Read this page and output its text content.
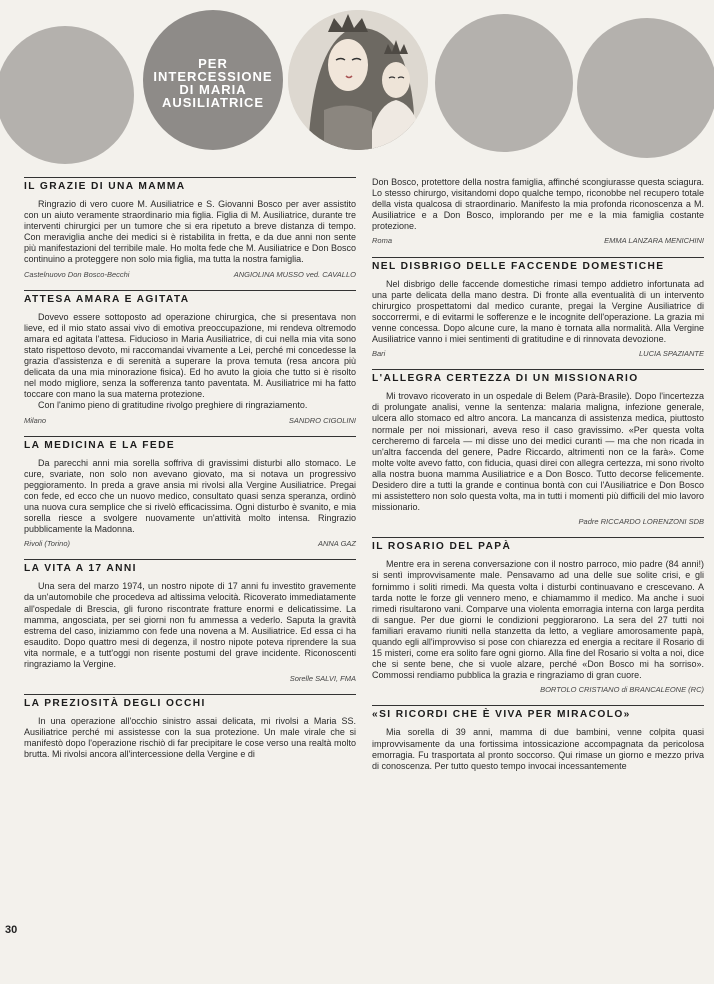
PER
INTERCESSIONE
DI MARIA
AUSILIATRICE
IL GRAZIE DI UNA MAMMA

Ringrazio di vero cuore M. Ausiliatrice e S. Giovanni Bosco per aver assistito con un aiuto veramente straordinario mia figlia. Figlia di M. Ausiliatrice, durante tre interventi chirurgici per un tumore che si era ripetuto a breve distanza di tempo. Con meraviglia anche dei medici si è ristabilita in fretta, e da due anni non sente più manifestazioni del terribile male. Ho molta fede che M. Ausiliatrice e Don Bosco continuino a proteggere non solo mia figlia, ma tutta la nostra famiglia.

Castelnuovo Don Bosco-Becchi	ANGIOLINA MUSSO ved. CAVALLO
ATTESA AMARA E AGITATA

Dovevo essere sottoposto ad operazione chirurgica, che si presentava non lieve, ed il mio stato assai vivo di emotiva preoccupazione, mi rendeva oltremodo amara ed agitata l'attesa. Fiducioso in Maria Ausiliatrice, di cui nella mia vita sono stato rispettoso devoto, mi raccomandai vivamente a Lei, perché mi concedesse la grazia d'assistenza e di serenità a superare la prova temuta (resa ancora più delicata da una mia minorazione fisica). Ed ho avuto la gioia che tutto si è risolto nel modo migliore, senza la sofferenza tanto paventata. M. Ausiliatrice mi ha fatto toccare con mano la sua materna protezione.

Con l'animo pieno di gratitudine rivolgo preghiere di ringraziamento.

Milano	SANDRO CIGOLINI
LA MEDICINA E LA FEDE

Da parecchi anni mia sorella soffriva di gravissimi disturbi allo stomaco. Le cure, svariate, non solo non avevano giovato, ma si notava un progressivo peggioramento. In preda a grave ansia mi rivolsi alla Vergine Ausiliatrice. Pregai con fede, ed ecco che un nuovo medico, consultato quasi senza speranza, ordinò una nuova cura semplice che si rivelò efficacissima. Ogni disturbo è svanito, e mia sorella riesce a svolgere nuovamente un'attività molto intensa. Ringrazio pubblicamente la Madonna.

Rivoli (Torino)	ANNA GAZ
LA VITA A 17 ANNI

Una sera del marzo 1974, un nostro nipote di 17 anni fu investito gravemente da un'automobile che procedeva ad altissima velocità. Ricoverato immediatamente all'ospedale di Brescia, gli furono riscontrate fratture enormi e delicatissime. La mamma, angosciata, per sei giorni non fu ammessa a vederlo. Saputa la gravità estrema del caso, iniziammo con fede una novena a M. Ausiliatrice. Ed essa ci ha esaudito. Dopo quattro mesi di degenza, il nostro nipote poteva riprendere la sua vita normale, e a tutt'oggi non risente postumi del grave incidente. Riconoscenti ringraziamo la Vergine.

Sorelle SALVI, FMA
LA PREZIOSITÀ DEGLI OCCHI

In una operazione all'occhio sinistro assai delicata, mi rivolsi a Maria SS. Ausiliatrice perché mi assistesse con la sua protezione. Un male virale che si manifestò dopo l'operazione rischiò di far precipitare le cose verso una realtà molto brutta. Mi rivolsi ancora all'intercessione della Vergine e di

30

Don Bosco, protettore della nostra famiglia, affinché scongiurasse questa sciagura. Lo stesso chirurgo, visitandomi dopo qualche tempo, riconobbe nel recupero totale della vista qualcosa di straordinario. Manifesto la mia profonda riconoscenza a M. Ausiliatrice e a Don Bosco, implorando per me e la mia famiglia costante protezione.

Roma	EMMA LANZARA MENICHINI
NEL DISBRIGO DELLE FACCENDE DOMESTICHE

Nel disbrigo delle faccende domestiche rimasi tempo addietro infortunata ad una parte delicata della mano destra. Di fronte alla eventualità di un intervento chirurgico prospettatomi dal medico curante, pregai la Vergine Ausiliatrice di soccorrermi, e di evitarmi le sofferenze e le incognite dell'operazione. La grazia mi venne concessa. Dopo alcune cure, la mano è tornata alla normalità. Alla Vergine Ausiliatrice vanno i miei sentimenti di gratitudine e di rinnovata devozione.

Bari	LUCIA SPAZIANTE
L'ALLEGRA CERTEZZA DI UN MISSIONARIO

Mi trovavo ricoverato in un ospedale di Belem (Parà-Brasile). Dopo l'incertezza di prolungate analisi, venne la sentenza: malaria maligna, infezione generale, ulcera allo stomaco ed altro ancora. La mancanza di assistenza medica, piuttosto normale per noi missionari, aveva reso il caso gravissimo. «Per questa volta cercheremo di farcela — mi disse uno dei medici curanti — ma che non ricada in un'altra faccenda del genere, Padre Riccardo, altrimenti non ce la farà». Come molte volte avevo fatto, con fiducia, quasi direi con allegra certezza, mi sono rivolto alla nostra buona mamma Ausiliatrice e a Don Bosco. Tutto decorse felicemente. Desidero dire a tutti la grande e continua bontà con cui l'Ausiliatrice e Don Bosco mi assistettero non solo questa volta, ma in tutti i momenti più difficili del mio lavoro missionario.

Padre RICCARDO LORENZONI SDB
IL ROSARIO DEL PAPÀ

Mentre era in serena conversazione con il nostro parroco, mio padre (84 anni!) si sentì improvvisamente male. Pensavamo ad una delle sue solite crisi, e gli fornimmo i soliti rimedi. Ma questa volta i disturbi continuavano e crescevano. A tarda notte le forze gli vennero meno, e chiamammo il medico. Ma anche i suoi rimedi risultarono vani. Comparve una violenta emorragia interna con larga perdita di sangue. Per due giorni le condizioni peggiorarono. La sera del 27 tutti noi familiari eravamo riuniti nella stanzetta da letto, a vegliare amorosamente papà, quando egli all'improvviso si pose con chiarezza ed energia a recitare il Rosario di 15 misteri, come era solito fare ogni giorno. Alla fine del Rosario si volta a noi, dice che si sente bene, che si vuole alzare, perché «Don Bosco mi ha sorriso». Commossi rendiamo pubblica la grazia e ringraziamo di gran cuore.

BORTOLO CRISTIANO di BRANCALEONE (RC)
«SI RICORDI CHE È VIVA PER MIRACOLO»

Mia sorella di 39 anni, mamma di due bambini, venne colpita quasi improvvisamente da una fortissima intossicazione accompagnata da pericolosa emorragia. Fu trasportata al pronto soccorso. Qui rimase un giorno e mezzo priva di conoscenza. Per tutto questo tempo invocai incessantemente
